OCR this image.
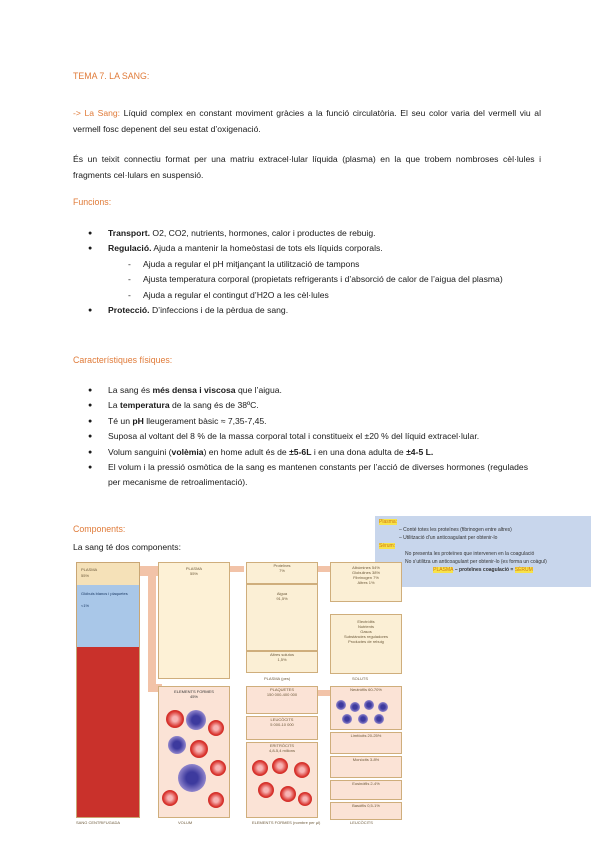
TEMA 7. LA SANG:
-> La Sang: Líquid complex en constant moviment gràcies a la funció circulatòria. El seu color varia del vermell viu al vermell fosc depenent del seu estat d’oxigenació.
És un teixit connectiu format per una matriu extracel·lular líquida (plasma) en la que trobem nombroses cèl·lules i fragments cel·lulars en suspensió.
Funcions:
● Transport. O2, CO2, nutrients, hormones, calor i productes de rebuig.
● Regulació. Ajuda a mantenir la homeòstasi de tots els líquids corporals.
- Ajuda a regular el pH mitjançant la utilització de tampons
- Ajusta temperatura corporal (propietats refrigerants i d’absorció de calor de l’aigua del plasma)
- Ajuda a regular el contingut d’H2O a les cèl·lules
● Protecció. D’infeccions i de la pèrdua de sang.
Característiques físiques:
● La sang és més densa i viscosa que l’aigua.
● La temperatura de la sang és de 38ºC.
● Té un pH lleugerament bàsic ≈ 7,35-7,45.
● Suposa al voltant del 8 % de la massa corporal total i constitueix el ±20 % del líquid extracel·lular.
● Volum sanguini (volèmia) en home adult és de ±5-6L i en una dona adulta de ±4-5 L.
● El volum i la pressió osmòtica de la sang es mantenen constants per l’acció de diverses hormones (regulades per mecanisme de retroalimentació).
Components:
La sang té dos components:
Plasma:
– Conté totes les proteïnes (fibrinogen entre altres)
– Utilització d’un anticoagulant per obtenir-lo
Sèrum:
No presenta les proteïnes que intervenen en la coagulació
No s’utilitza un anticoagulant per obtenir-lo (es forma un coàgul)
PLASMA – proteïnes coagulació = SÈRUM
PLASMA
55%
Glòbuls blancs i plaquetes
<1%
PLASMA
55%
Proteïnes
7%
Aigua
91,5%
Altres solutos
1,5%
PLASMA (pes)
Albúmines 54%
Globulines 38%
Fibrinogen 7%
Altres 1%
Electròlits
Nutrients
Gasos
Substàncies reguladores
Productes de rebuig
SOLUTS
ELEMENTS FORMES
45%
PLAQUETES
150 000-400 000
LEUCÒCITS
5 000-10 000
ERITRÒCITS
4,8-5,4 milions
Neutròfils 60-70%
Limfòcits 20-25%
Monòcits 3-8%
Eosinòfils 2-4%
Basòfils 0,5-1%
SANG CENTRIFUGADA	VOLUM	ELEMENTS FORMES (nombre per µl)	LEUCÒCITS
